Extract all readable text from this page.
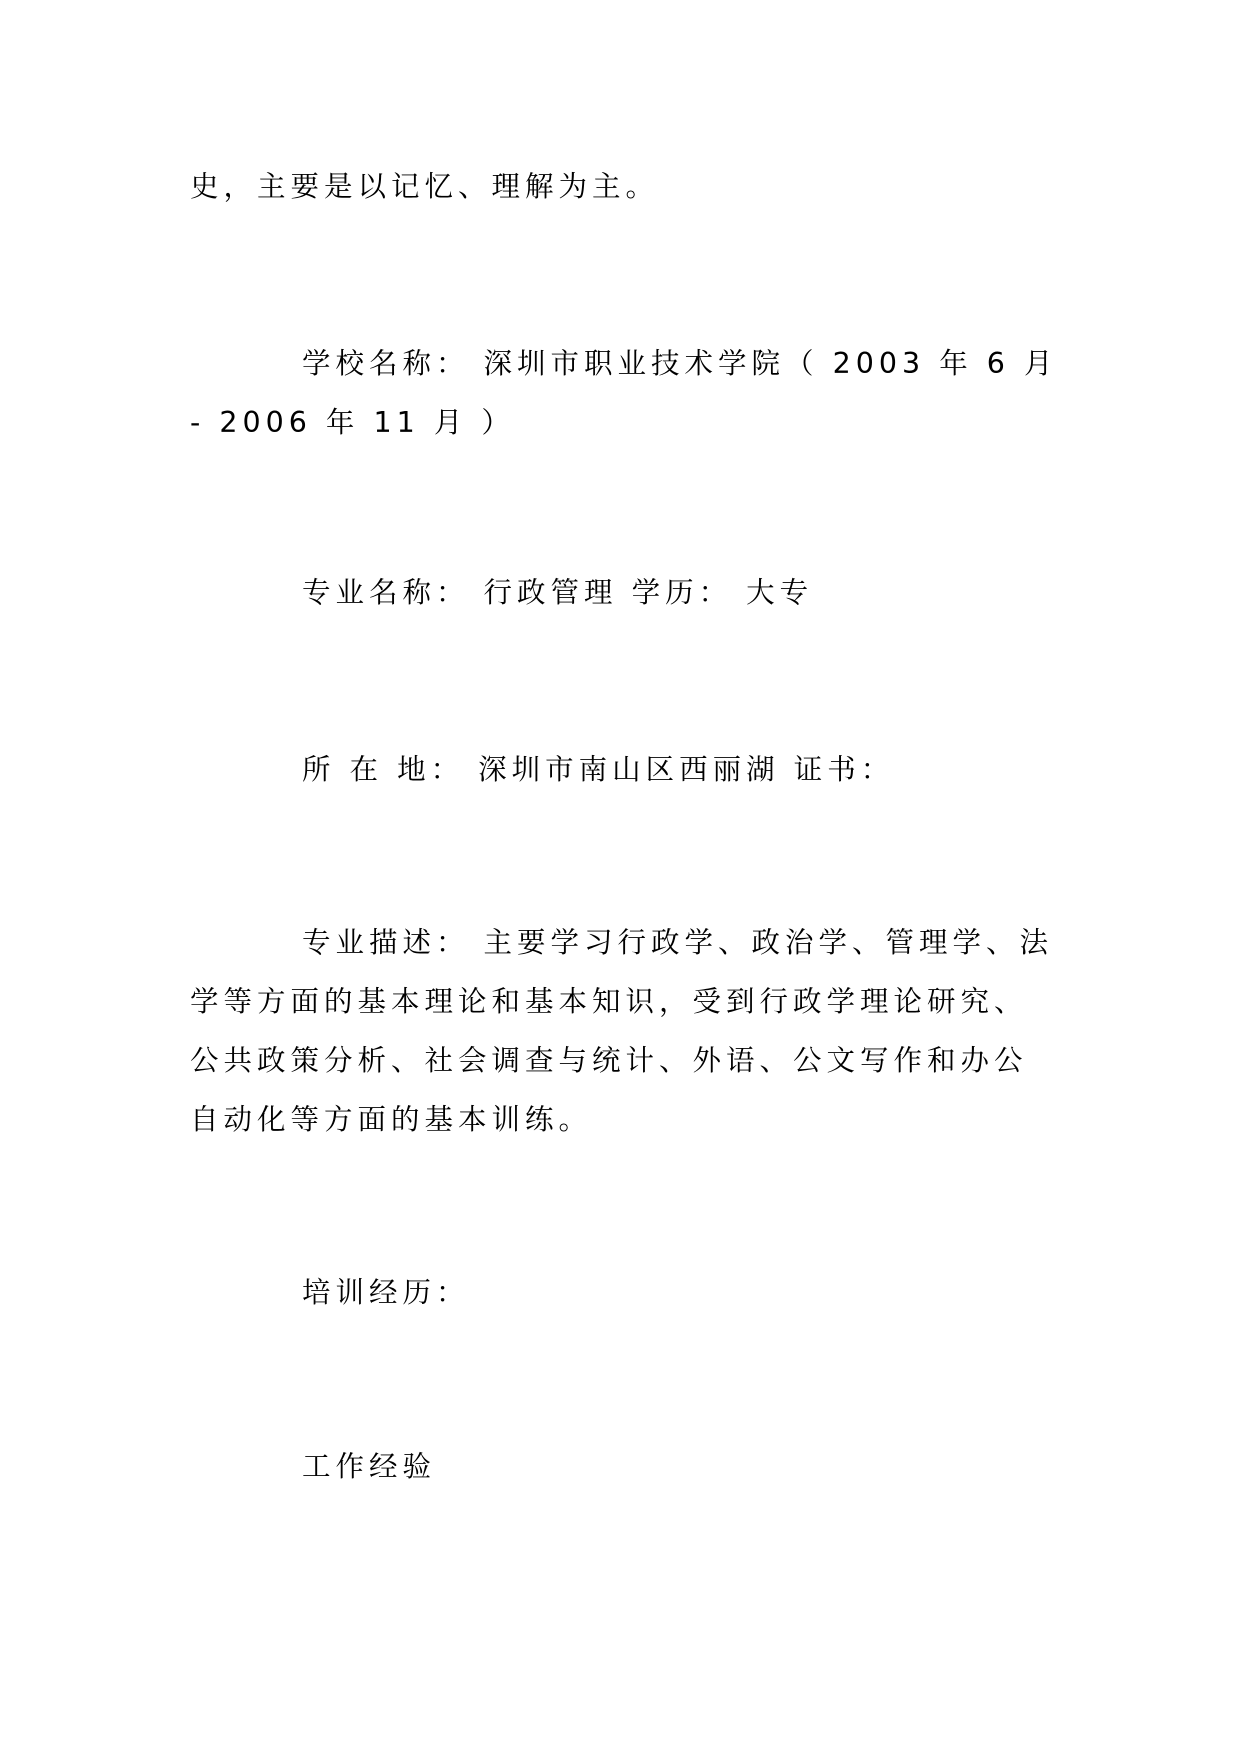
史，主要是以记忆、理解为主。

学校名称： 深圳市职业技术学院（ 2003 年 6 月 - 2006 年 11 月 ）

专业名称： 行政管理 学历： 大专

所 在 地： 深圳市南山区西丽湖 证书：

专业描述： 主要学习行政学、政治学、管理学、法学等方面的基本理论和基本知识，受到行政学理论研究、公共政策分析、社会调查与统计、外语、公文写作和办公自动化等方面的基本训练。

培训经历：

工作经验
